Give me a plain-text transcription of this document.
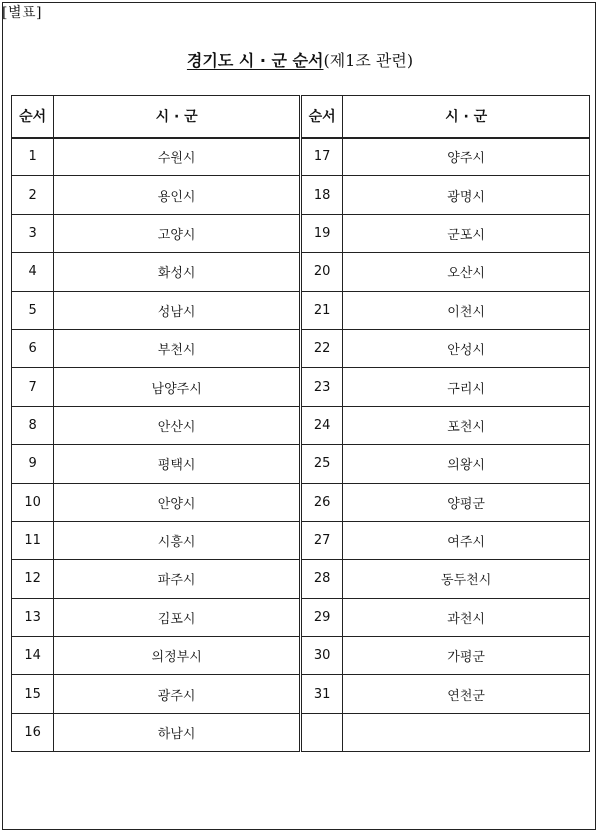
[별표]
경기도 시 · 군 순서(제1조 관련)
순서	시 · 군	순서	시 · 군
1	수원시	17	양주시
2	용인시	18	광명시
3	고양시	19	군포시
4	화성시	20	오산시
5	성남시	21	이천시
6	부천시	22	안성시
7	남양주시	23	구리시
8	안산시	24	포천시
9	평택시	25	의왕시
10	안양시	26	양평군
11	시흥시	27	여주시
12	파주시	28	동두천시
13	김포시	29	과천시
14	의정부시	30	가평군
15	광주시	31	연천군
16	하남시		
